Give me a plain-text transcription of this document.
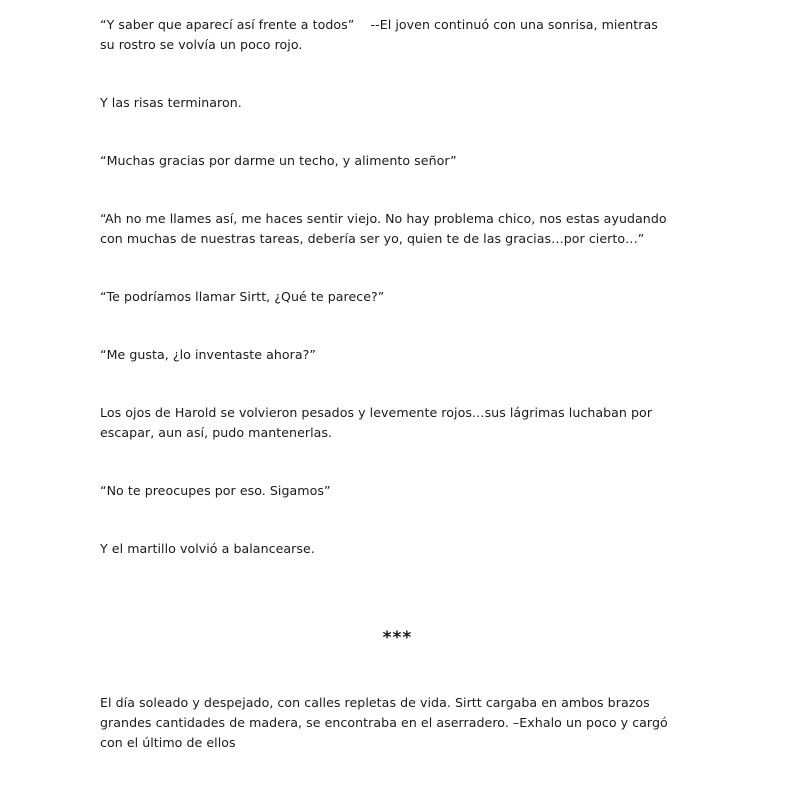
“Y saber que aparecí así frente a todos”    --El joven continuó con una sonrisa, mientras su rostro se volvía un poco rojo.
Y las risas terminaron.
“Muchas gracias por darme un techo, y alimento señor”
“Ah no me llames así, me haces sentir viejo. No hay problema chico, nos estas ayudando con muchas de nuestras tareas, debería ser yo, quien te de las gracias…por cierto…”
“Te podríamos llamar Sirtt, ¿Qué te parece?”
“Me gusta, ¿lo inventaste ahora?”
Los ojos de Harold se volvieron pesados y levemente rojos…sus lágrimas luchaban por escapar, aun así, pudo mantenerlas.
“No te preocupes por eso. Sigamos”
Y el martillo volvió a balancearse.
***
El día soleado y despejado, con calles repletas de vida. Sirtt cargaba en ambos brazos grandes cantidades de madera, se encontraba en el aserradero. –Exhalo un poco y cargó con el último de ellos
